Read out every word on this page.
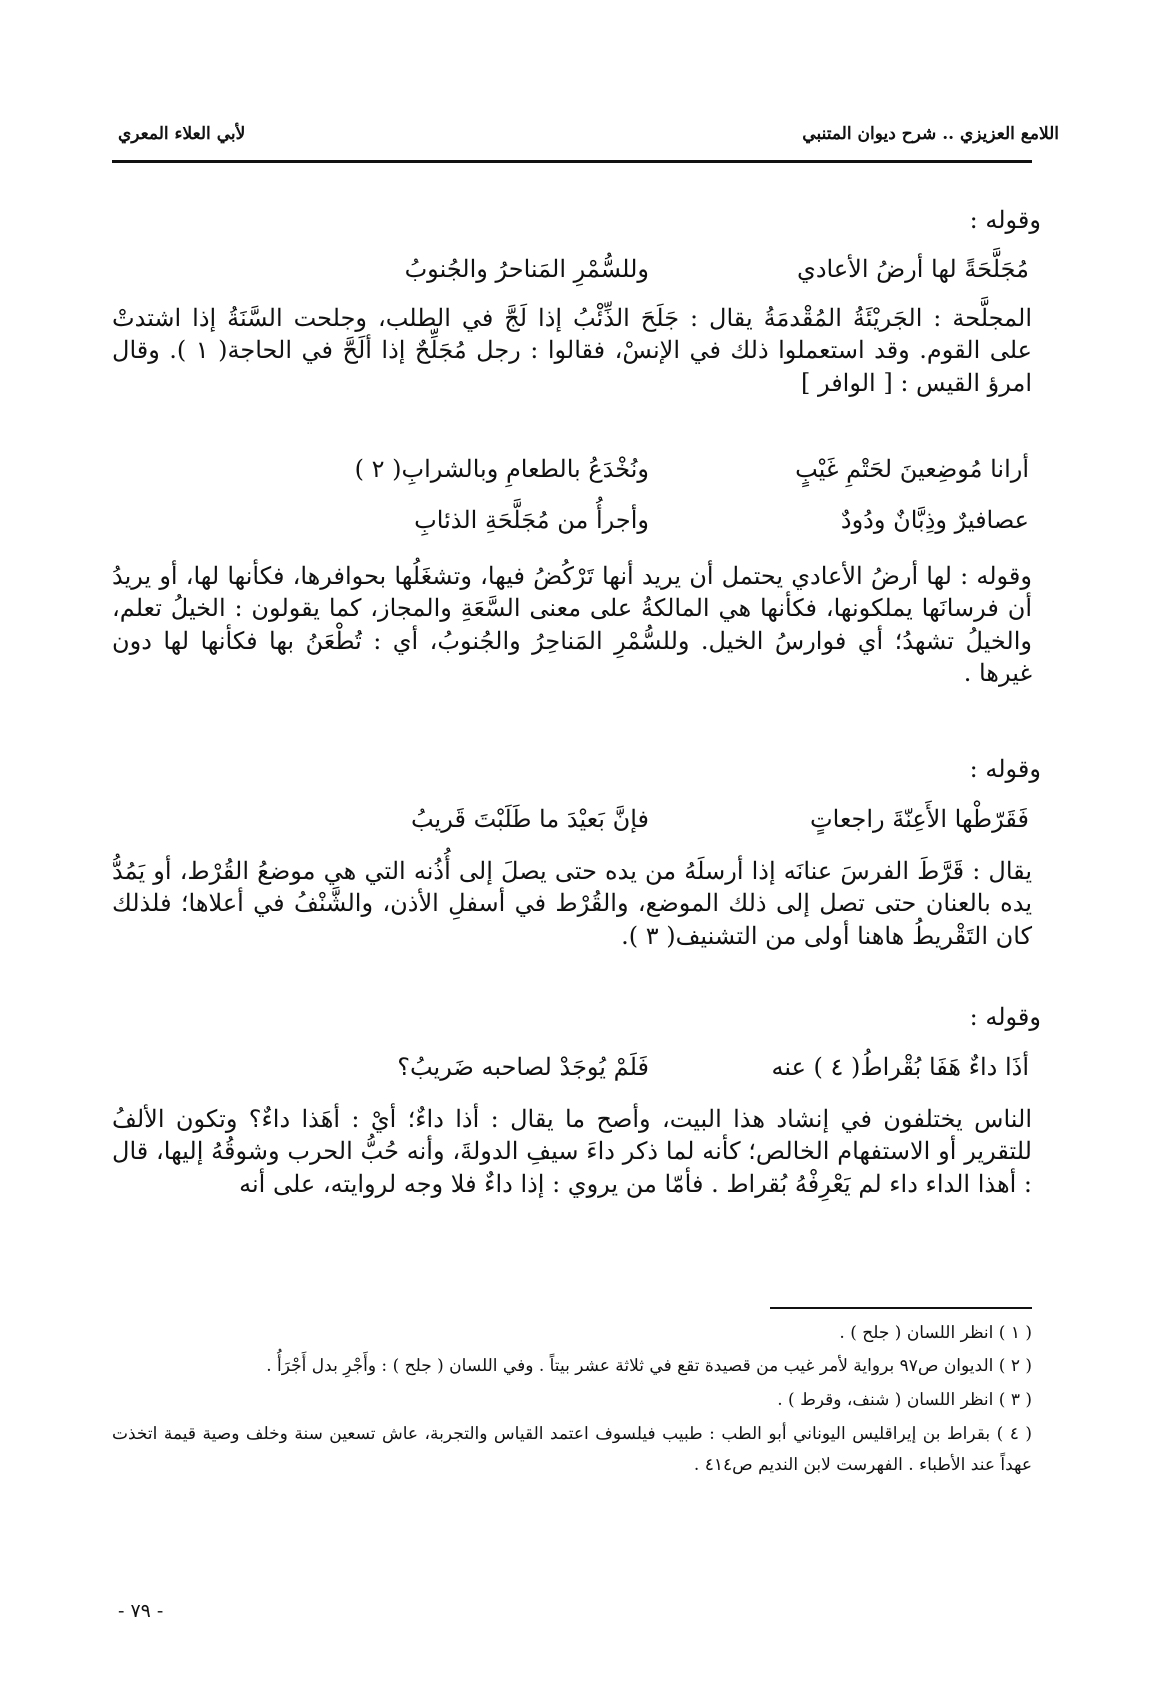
اللامع العزيزي .. شرح ديوان المتنبي
لأبي العلاء المعري
وقوله :
مُجَلَّحَةً لها أرضُ الأعادي
وللسُّمْرِ المَناحرُ والجُنوبُ
المجلَّحة : الجَريْئَةُ المُقْدمَةُ يقال : جَلَحَ الذِّئْبُ إذا لَجَّ في الطلب، وجلحت السَّنَةُ إذا اشتدتْ على القوم. وقد استعملوا ذلك في الإنسْ، فقالوا : رجل مُجَلِّحٌ إذا ألَحَّ في الحاجة( ١ ). وقال امرؤ القيس : [ الوافر ]
أرانا مُوضِعينَ لحَتْمِ غَيْبٍ
ونُخْدَعُ بالطعامِ وبالشرابِ( ٢ )
عصافيرٌ وذِبَّانٌ ودُودٌ
وأجرأُ من مُجَلَّحَةِ الذئابِ
وقوله : لها أرضُ الأعادي يحتمل أن يريد أنها تَرْكُضُ فيها، وتشغَلُها بحوافرها، فكأنها لها، أو يريدُ أن فرسانَها يملكونها، فكأنها هي المالكةُ على معنى السَّعَةِ والمجاز، كما يقولون : الخيلُ تعلم، والخيلُ تشهدُ؛ أي فوارسُ الخيل. وللسُّمْرِ المَناحِرُ والجُنوبُ، أي : تُطْعَنُ بها فكأنها لها دون غيرها .
وقوله :
فَقَرّطْها الأَعِنّةَ راجعاتٍ
فإنَّ بَعيْدَ ما طَلَبْتَ قَريبُ
يقال : قَرَّطَ الفرسَ عنانَه إذا أرسلَهُ من يده حتى يصلَ إلى أُذُنه التي هي موضعُ القُرْط، أو يَمُدُّ يده بالعنان حتى تصل إلى ذلك الموضع، والقُرْط في أسفلِ الأذن، والشَّنْفُ في أعلاها؛ فلذلك كان التَقْريطُ هاهنا أولى من التشنيف( ٣ ).
وقوله :
أذَا داءٌ هَفَا بُقْراطُ( ٤ ) عنه
فَلَمْ يُوجَدْ لصاحبه ضَريبُ؟
الناس يختلفون في إنشاد هذا البيت، وأصح ما يقال : أذا داءٌ؛ أيْ : أهَذا داءٌ؟ وتكون الألفُ للتقرير أو الاستفهام الخالص؛ كأنه لما ذكر داءَ سيفِ الدولةَ، وأنه حُبُّ الحرب وشوقُهُ إليها، قال : أهذا الداء داء لم يَعْرِفْهُ بُقراط . فأمّا من يروي : إذا داءٌ فلا وجه لروايته، على أنه
( ١ ) انظر اللسان ( جلح ) .
( ٢ ) الديوان ص٩٧ برواية لأمر غيب من قصيدة تقع في ثلاثة عشر بيتاً . وفي اللسان ( جلح ) : وأَجْرِ بدل أَجْرَأُ .
( ٣ ) انظر اللسان ( شنف، وقرط ) .
( ٤ ) بقراط بن إيراقليس اليوناني أبو الطب : طبيب فيلسوف اعتمد القياس والتجربة، عاش تسعين سنة وخلف وصية قيمة اتخذت عهداً عند الأطباء . الفهرست لابن النديم ص٤١٤ .
- ٧٩ -
